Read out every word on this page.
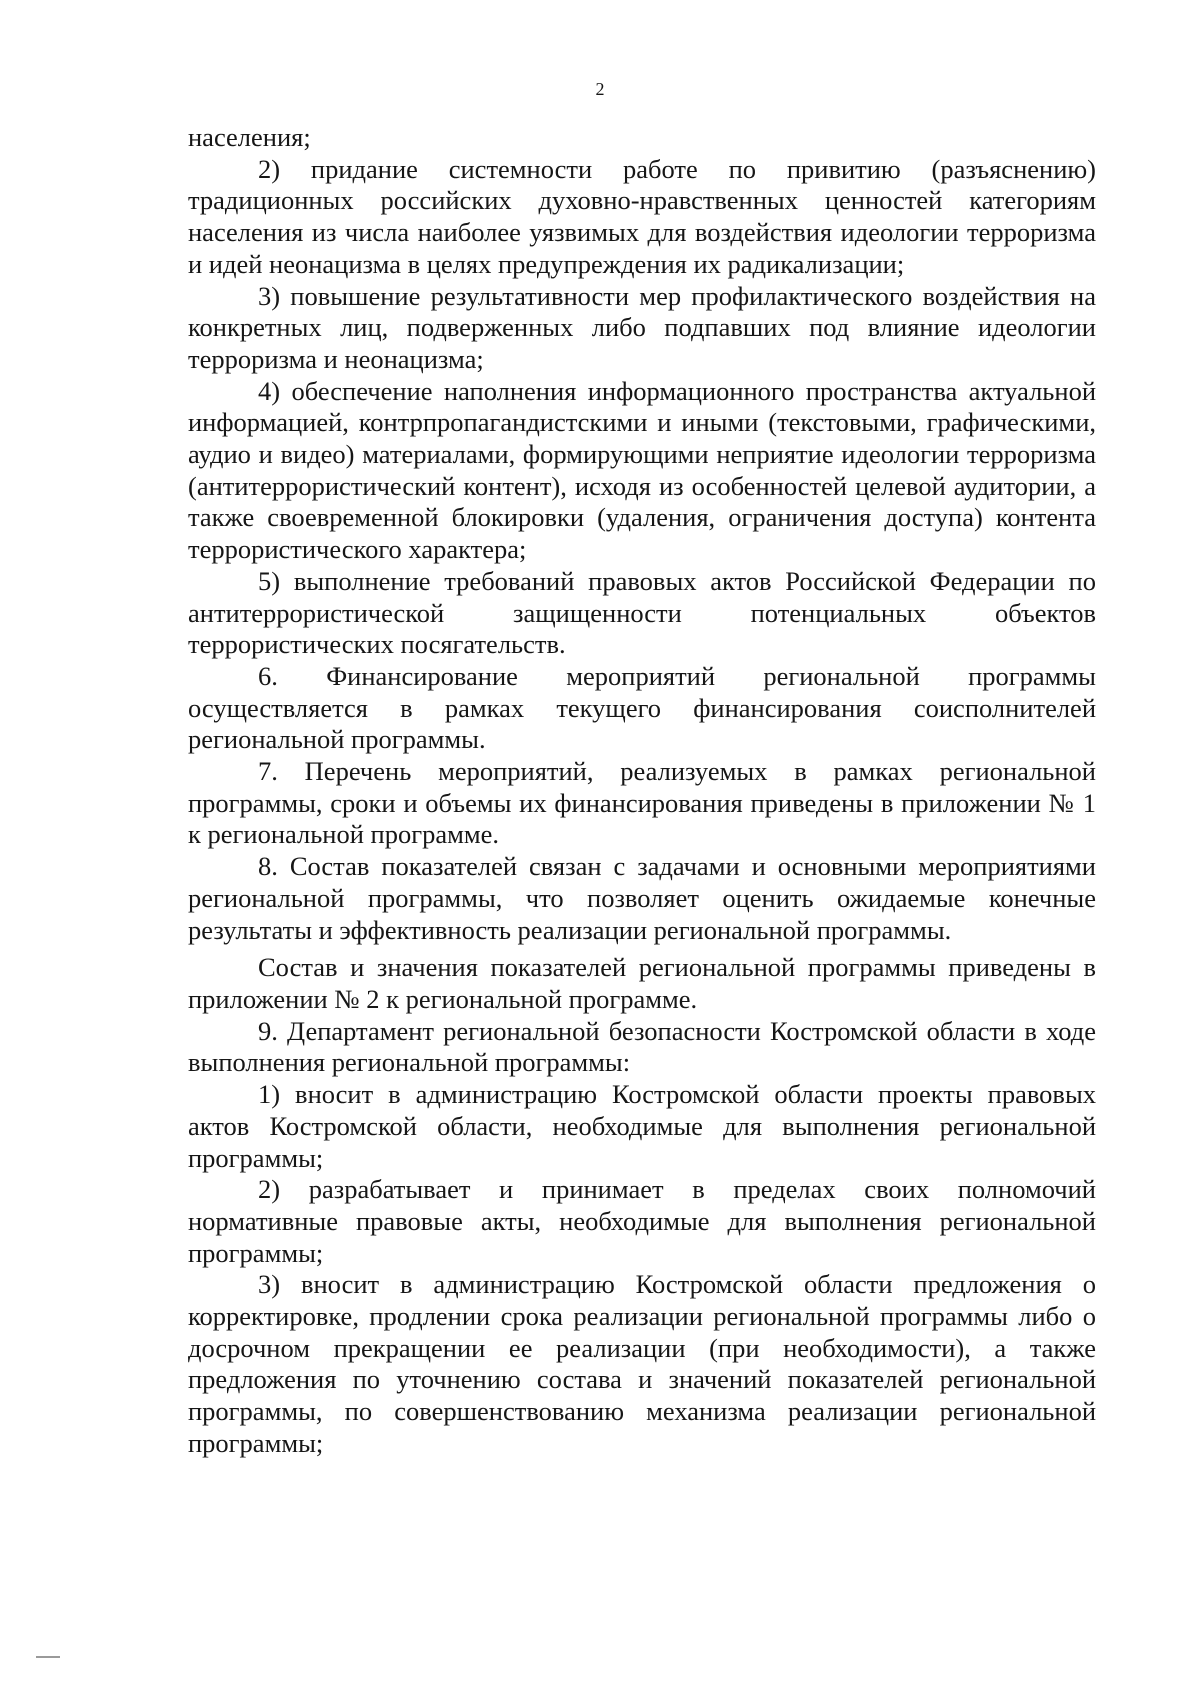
2

населения;

2) придание системности работе по привитию (разъяснению) традиционных российских духовно-нравственных ценностей категориям населения из числа наиболее уязвимых для воздействия идеологии терроризма и идей неонацизма в целях предупреждения их радикализации;

3) повышение результативности мер профилактического воздействия на конкретных лиц, подверженных либо подпавших под влияние идеологии терроризма и неонацизма;

4) обеспечение наполнения информационного пространства актуальной информацией, контрпропагандистскими и иными (текстовыми, графическими, аудио и видео) материалами, формирующими неприятие идеологии терроризма (антитеррористический контент), исходя из особенностей целевой аудитории, а также своевременной блокировки (удаления, ограничения доступа) контента террористического характера;

5) выполнение требований правовых актов Российской Федерации по антитеррористической защищенности потенциальных объектов террористических посягательств.

6. Финансирование мероприятий региональной программы осуществляется в рамках текущего финансирования соисполнителей региональной программы.

7. Перечень мероприятий, реализуемых в рамках региональной программы, сроки и объемы их финансирования приведены в приложении № 1 к региональной программе.

8. Состав показателей связан с задачами и основными мероприятиями региональной программы, что позволяет оценить ожидаемые конечные результаты и эффективность реализации региональной программы.

Состав и значения показателей региональной программы приведены в приложении № 2 к региональной программе.

9. Департамент региональной безопасности Костромской области в ходе выполнения региональной программы:

1) вносит в администрацию Костромской области проекты правовых актов Костромской области, необходимые для выполнения региональной программы;

2) разрабатывает и принимает в пределах своих полномочий нормативные правовые акты, необходимые для выполнения региональной программы;

3) вносит в администрацию Костромской области предложения о корректировке, продлении срока реализации региональной программы либо о досрочном прекращении ее реализации (при необходимости), а также предложения по уточнению состава и значений показателей региональной программы, по совершенствованию механизма реализации региональной программы;
